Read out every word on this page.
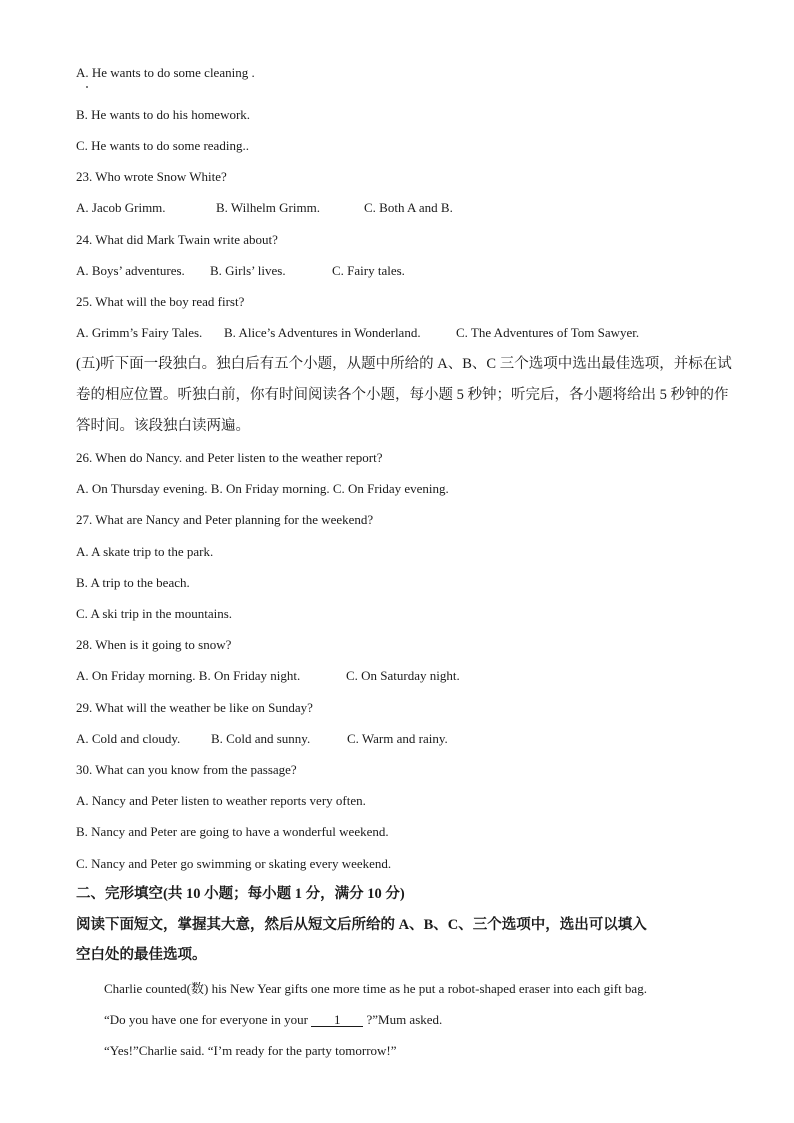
A. He wants to do some cleaning .
B. He wants to do his homework.
C. He wants to do some reading..
23. Who wrote Snow White?
A. Jacob Grimm.	B. Wilhelm Grimm.	C. Both A and B.
24. What did Mark Twain write about?
A. Boys’ adventures. B. Girls’ lives.	C. Fairy tales.
25. What will the boy read first?
A. Grimm’s Fairy Tales. B. Alice’s Adventures in Wonderland.	C. The Adventures of Tom Sawyer.
(五)听下面一段独白。独白后有五个小题，从题中所给的 A、B、C 三个选项中选出最佳选项，并标在试
卷的相应位置。听独白前，你有时间阅读各个小题，每小题 5 秒钟；听完后，各小题将给出 5 秒钟的作
答时间。该段独白读两遍。
26. When do Nancy. and Peter listen to the weather report?
A. On Thursday evening. B. On Friday morning. C. On Friday evening.
27. What are Nancy and Peter planning for the weekend?
A. A skate trip to the park.
B. A trip to the beach.
C. A ski trip in the mountains.
28. When is it going to snow?
A. On Friday morning. B. On Friday night.	C. On Saturday night.
29. What will the weather be like on Sunday?
A. Cold and cloudy. B. Cold and sunny.	C. Warm and rainy.
30. What can you know from the passage?
A. Nancy and Peter listen to weather reports very often.
B. Nancy and Peter are going to have a wonderful weekend.
C. Nancy and Peter go swimming or skating every weekend.
二、完形填空(共 10 小题；每小题 1 分，满分 10 分)
阅读下面短文，掌握其大意，然后从短文后所给的 A、B、C、三个选项中，选出可以填入
空白处的最佳选项。
Charlie counted(数) his New Year gifts one more time as he put a robot-shaped eraser into each gift bag.
“Do you have one for everyone in your 1 ?”Mum asked.
“Yes!”Charlie said. “I’m ready for the party tomorrow!”
